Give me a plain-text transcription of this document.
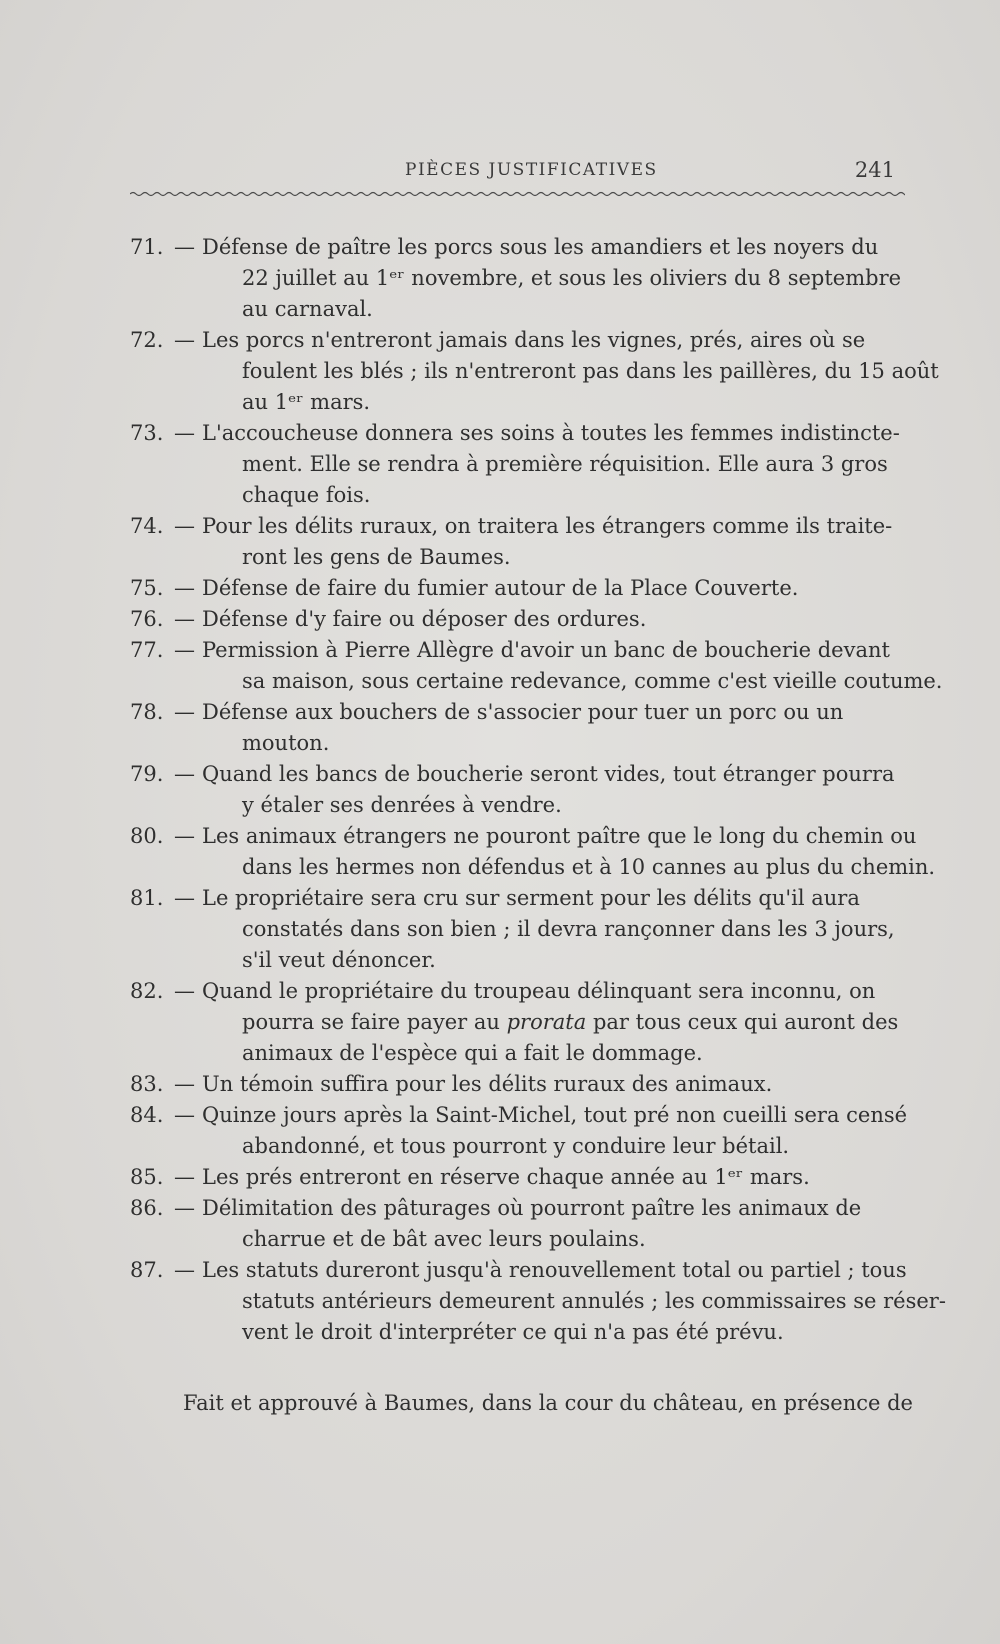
PIÈCES JUSTIFICATIVES	241
71. — Défense de paître les porcs sous les amandiers et les noyers du
22 juillet au 1ᵉʳ novembre, et sous les oliviers du 8 septembre
au carnaval.
72. — Les porcs n'entreront jamais dans les vignes, prés, aires où se
foulent les blés ; ils n'entreront pas dans les paillères, du 15 août
au 1ᵉʳ mars.
73. — L'accoucheuse donnera ses soins à toutes les femmes indistincte-
ment. Elle se rendra à première réquisition. Elle aura 3 gros
chaque fois.
74. — Pour les délits ruraux, on traitera les étrangers comme ils traite-
ront les gens de Baumes.
75. — Défense de faire du fumier autour de la Place Couverte.
76. — Défense d'y faire ou déposer des ordures.
77. — Permission à Pierre Allègre d'avoir un banc de boucherie devant
sa maison, sous certaine redevance, comme c'est vieille coutume.
78. — Défense aux bouchers de s'associer pour tuer un porc ou un
mouton.
79. — Quand les bancs de boucherie seront vides, tout étranger pourra
y étaler ses denrées à vendre.
80. — Les animaux étrangers ne pouront paître que le long du chemin ou
dans les hermes non défendus et à 10 cannes au plus du chemin.
81. — Le propriétaire sera cru sur serment pour les délits qu'il aura
constatés dans son bien ; il devra rançonner dans les 3 jours,
s'il veut dénoncer.
82. — Quand le propriétaire du troupeau délinquant sera inconnu, on
pourra se faire payer au prorata par tous ceux qui auront des
animaux de l'espèce qui a fait le dommage.
83. — Un témoin suffira pour les délits ruraux des animaux.
84. — Quinze jours après la Saint-Michel, tout pré non cueilli sera censé
abandonné, et tous pourront y conduire leur bétail.
85. — Les prés entreront en réserve chaque année au 1ᵉʳ mars.
86. — Délimitation des pâturages où pourront paître les animaux de
charrue et de bât avec leurs poulains.
87. — Les statuts dureront jusqu'à renouvellement total ou partiel ; tous
statuts antérieurs demeurent annulés ; les commissaires se réser-
vent le droit d'interpréter ce qui n'a pas été prévu.
Fait et approuvé à Baumes, dans la cour du château, en présence de
